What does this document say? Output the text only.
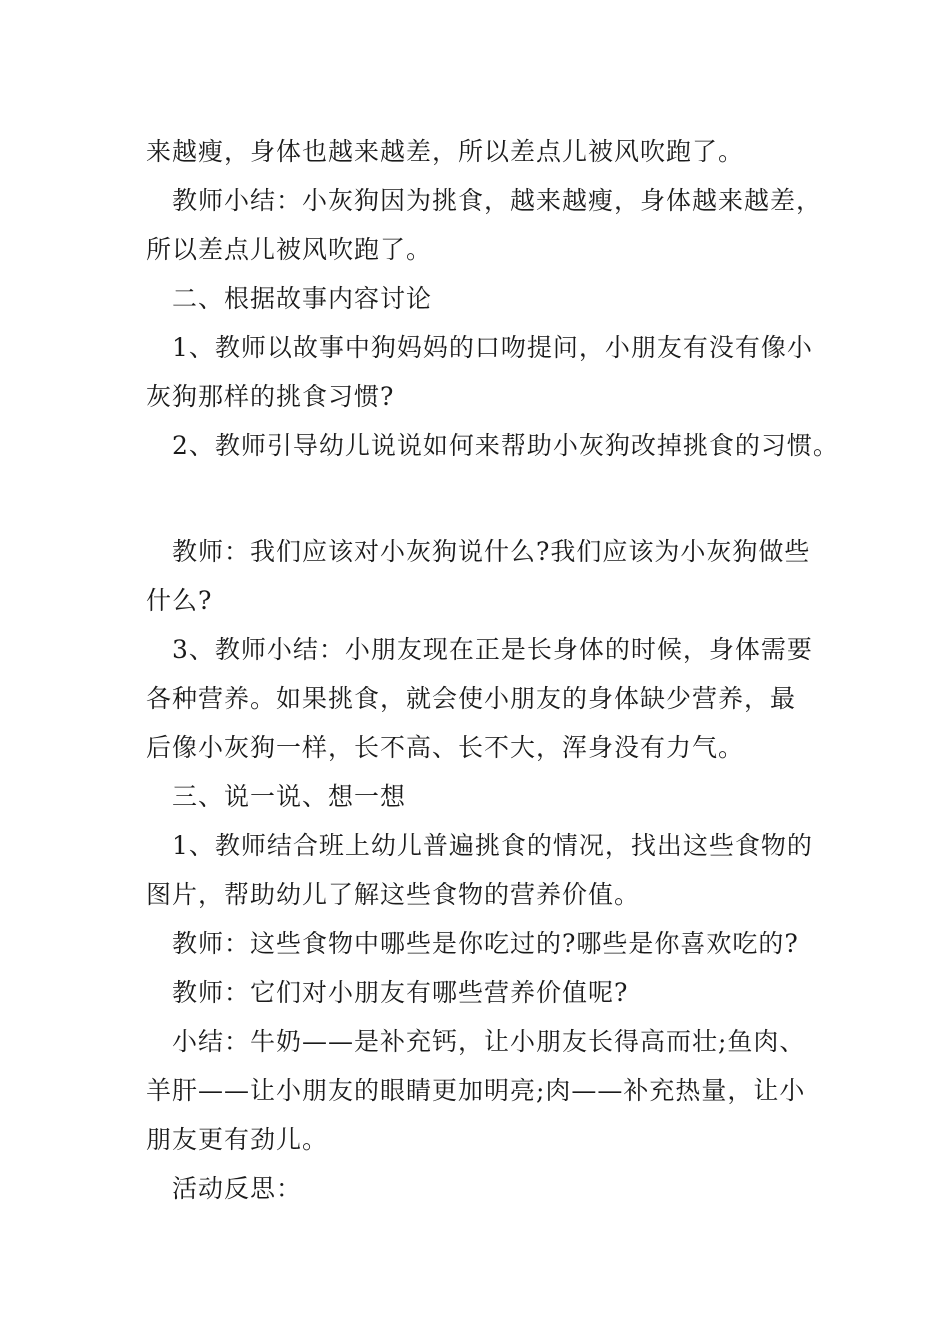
来越瘦，身体也越来越差，所以差点儿被风吹跑了。
教师小结：小灰狗因为挑食，越来越瘦，身体越来越差，
所以差点儿被风吹跑了。
二、根据故事内容讨论
1、教师以故事中狗妈妈的口吻提问，小朋友有没有像小
灰狗那样的挑食习惯?
2、教师引导幼儿说说如何来帮助小灰狗改掉挑食的习惯。
教师：我们应该对小灰狗说什么?我们应该为小灰狗做些
什么?
3、教师小结：小朋友现在正是长身体的时候，身体需要
各种营养。如果挑食，就会使小朋友的身体缺少营养，最
后像小灰狗一样，长不高、长不大，浑身没有力气。
三、说一说、想一想
1、教师结合班上幼儿普遍挑食的情况，找出这些食物的
图片，帮助幼儿了解这些食物的营养价值。
教师：这些食物中哪些是你吃过的?哪些是你喜欢吃的?
教师：它们对小朋友有哪些营养价值呢?
小结：牛奶——是补充钙，让小朋友长得高而壮;鱼肉、
羊肝——让小朋友的眼睛更加明亮;肉——补充热量，让小
朋友更有劲儿。
活动反思：
